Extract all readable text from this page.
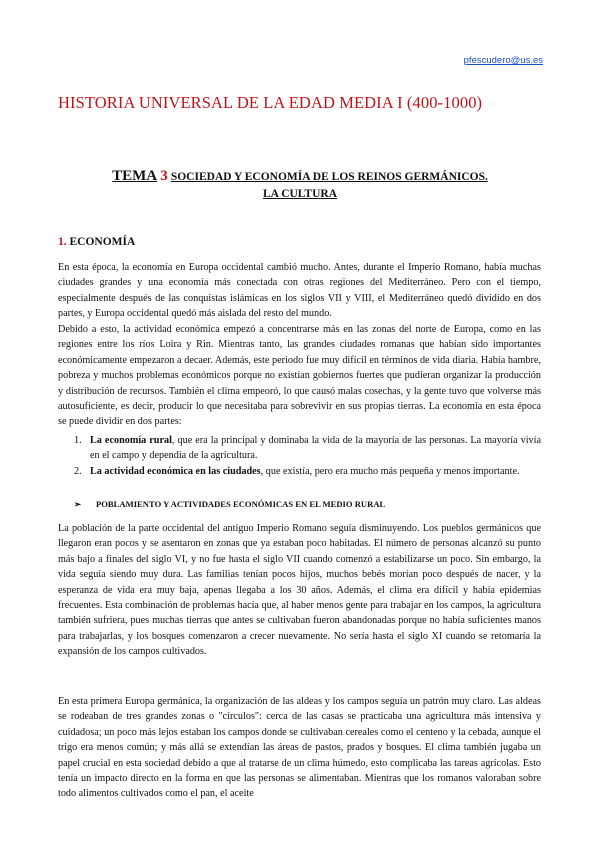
pfescudero@us.es
HISTORIA UNIVERSAL DE LA EDAD MEDIA I (400-1000)
TEMA 3 SOCIEDAD Y ECONOMÍA DE LOS REINOS GERMÁNICOS.
LA CULTURA
1. ECONOMÍA

En esta época, la economía en Europa occidental cambió mucho. Antes, durante el Imperio Romano, había muchas ciudades grandes y una economía más conectada con otras regiones del Mediterráneo. Pero con el tiempo, especialmente después de las conquistas islámicas en los siglos VII y VIII, el Mediterráneo quedó dividido en dos partes, y Europa occidental quedó más aislada del resto del mundo.

Debido a esto, la actividad económica empezó a concentrarse más en las zonas del norte de Europa, como en las regiones entre los ríos Loira y Rin. Mientras tanto, las grandes ciudades romanas que habían sido importantes económicamente empezaron a decaer. Además, este periodo fue muy difícil en términos de vida diaria. Había hambre, pobreza y muchos problemas económicos porque no existían gobiernos fuertes que pudieran organizar la producción y distribución de recursos. También el clima empeoró, lo que causó malas cosechas, y la gente tuvo que volverse más autosuficiente, es decir, producir lo que necesitaba para sobrevivir en sus propias tierras. La economía en esta época se puede dividir en dos partes:

1. La economía rural, que era la principal y dominaba la vida de la mayoría de las personas. La mayoría vivía en el campo y dependía de la agricultura.
2. La actividad económica en las ciudades, que existía, pero era mucho más pequeña y menos importante.
➢ POBLAMIENTO Y ACTIVIDADES ECONÓMICAS EN EL MEDIO RURAL

La población de la parte occidental del antiguo Imperio Romano seguía disminuyendo. Los pueblos germánicos que llegaron eran pocos y se asentaron en zonas que ya estaban poco habitadas. El número de personas alcanzó su punto más bajo a finales del siglo VI, y no fue hasta el siglo VII cuando comenzó a estabilizarse un poco. Sin embargo, la vida seguía siendo muy dura. Las familias tenían pocos hijos, muchos bebés morían poco después de nacer, y la esperanza de vida era muy baja, apenas llegaba a los 30 años. Además, el clima era difícil y había epidemias frecuentes. Esta combinación de problemas hacía que, al haber menos gente para trabajar en los campos, la agricultura también sufriera, pues muchas tierras que antes se cultivaban fueron abandonadas porque no había suficientes manos para trabajarlas, y los bosques comenzaron a crecer nuevamente. No sería hasta el siglo XI cuando se retomaría la expansión de los campos cultivados.

En esta primera Europa germánica, la organización de las aldeas y los campos seguía un patrón muy claro. Las aldeas se rodeaban de tres grandes zonas o "círculos": cerca de las casas se practicaba una agricultura más intensiva y cuidadosa; un poco más lejos estaban los campos donde se cultivaban cereales como el centeno y la cebada, aunque el trigo era menos común; y más allá se extendían las áreas de pastos, prados y bosques. El clima también jugaba un papel crucial en esta sociedad debido a que al tratarse de un clima húmedo, esto complicaba las tareas agrícolas. Esto tenía un impacto directo en la forma en que las personas se alimentaban. Mientras que los romanos valoraban sobre todo alimentos cultivados como el pan, el aceite
